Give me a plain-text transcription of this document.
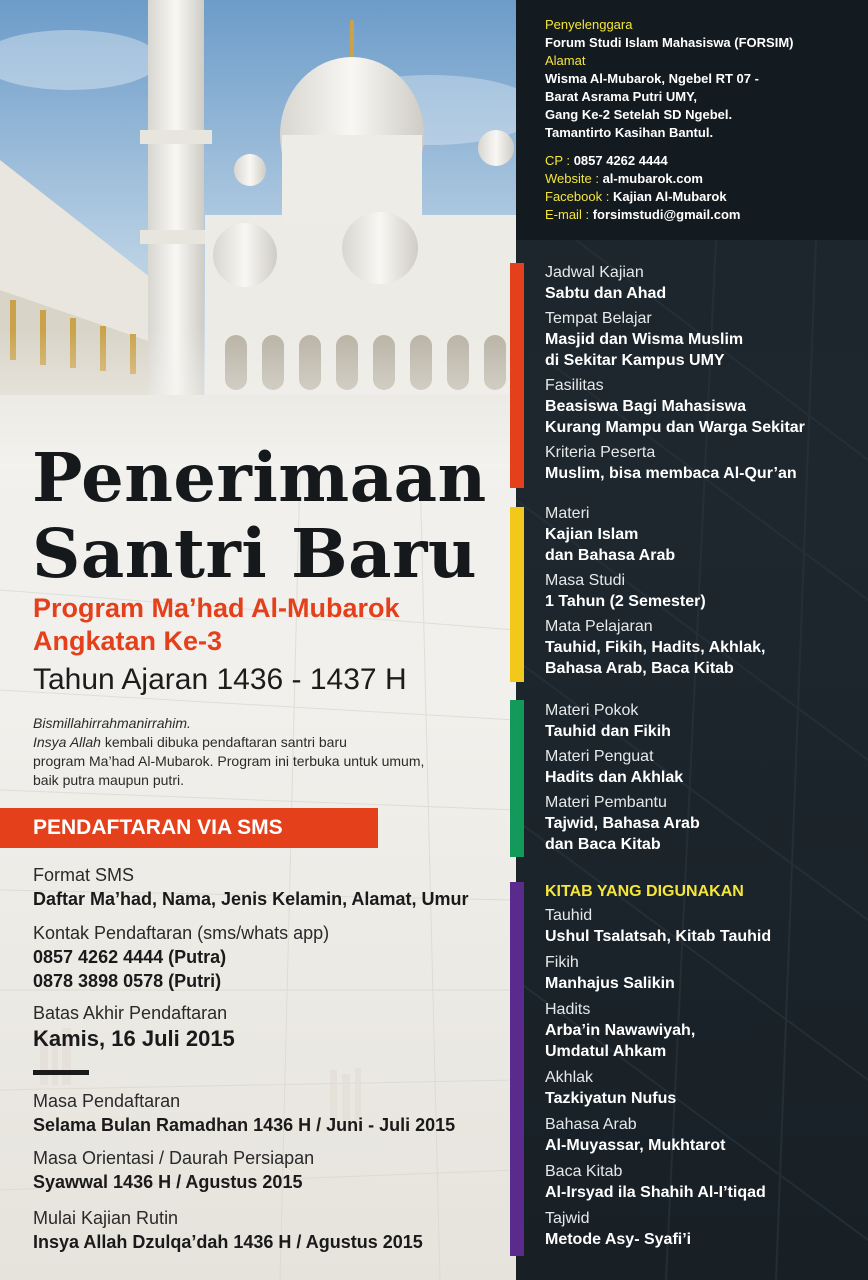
Penerimaan
Santri Baru
Program Ma’had Al-Mubarok
Angkatan Ke-3
Tahun Ajaran 1436 - 1437 H
Bismillahirrahmanirrahim.
Insya Allah kembali dibuka pendaftaran santri baru
program Ma’had Al-Mubarok. Program ini terbuka untuk umum,
baik putra maupun putri.
PENDAFTARAN VIA SMS
Format SMS
Daftar Ma’had, Nama, Jenis Kelamin, Alamat, Umur
Kontak Pendaftaran (sms/whats app)
0857 4262 4444 (Putra)
0878 3898 0578 (Putri)
Batas Akhir Pendaftaran
Kamis, 16 Juli 2015
Masa Pendaftaran
Selama Bulan Ramadhan 1436 H / Juni - Juli 2015
Masa Orientasi / Daurah Persiapan
Syawwal 1436 H / Agustus 2015
Mulai Kajian Rutin
Insya Allah Dzulqa’dah 1436 H / Agustus 2015
Penyelenggara
Forum Studi Islam Mahasiswa (FORSIM)
Alamat
Wisma Al-Mubarok, Ngebel RT 07 -
Barat Asrama Putri UMY,
Gang Ke-2 Setelah SD Ngebel.
Tamantirto Kasihan Bantul.
CP : 0857 4262 4444
Website : al-mubarok.com
Facebook : Kajian Al-Mubarok
E-mail : forsimstudi@gmail.com
Jadwal Kajian
Sabtu dan Ahad
Tempat Belajar
Masjid dan Wisma Muslim
di Sekitar Kampus UMY
Fasilitas
Beasiswa Bagi Mahasiswa
Kurang Mampu dan Warga Sekitar
Kriteria Peserta
Muslim, bisa membaca Al-Qur’an
Materi
Kajian Islam
dan Bahasa Arab
Masa Studi
1 Tahun (2 Semester)
Mata Pelajaran
Tauhid, Fikih, Hadits, Akhlak,
Bahasa Arab, Baca Kitab
Materi Pokok
Tauhid dan Fikih
Materi Penguat
Hadits dan Akhlak
Materi Pembantu
Tajwid, Bahasa Arab
dan Baca Kitab
KITAB YANG DIGUNAKAN
Tauhid
Ushul Tsalatsah, Kitab Tauhid
Fikih
Manhajus Salikin
Hadits
Arba’in Nawawiyah,
Umdatul Ahkam
Akhlak
Tazkiyatun Nufus
Bahasa Arab
Al-Muyassar, Mukhtarot
Baca Kitab
Al-Irsyad ila Shahih Al-I’tiqad
Tajwid
Metode Asy- Syafi’i
